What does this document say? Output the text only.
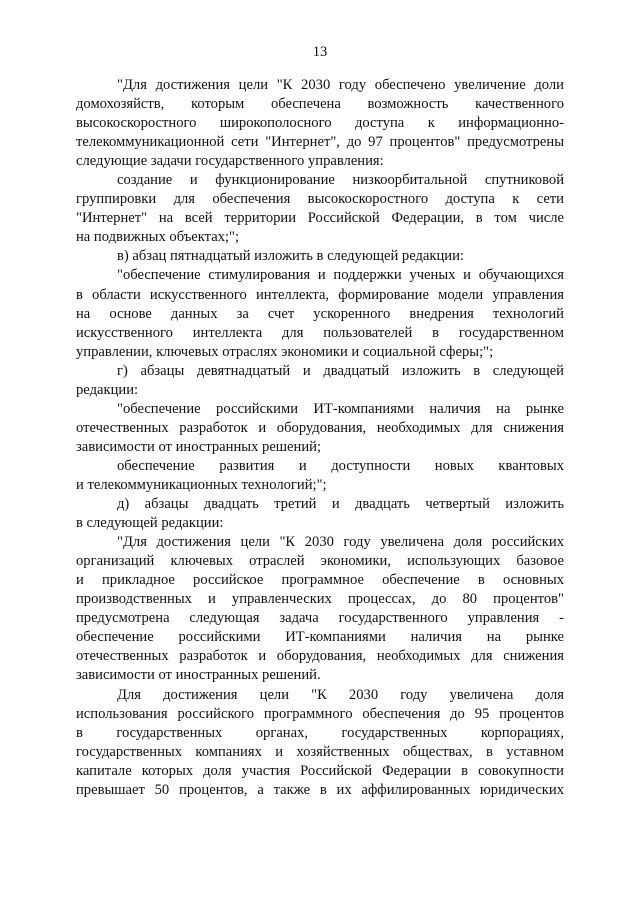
13
"Для достижения цели "К 2030 году обеспечено увеличение доли
домохозяйств, которым обеспечена возможность качественного
высокоскоростного широкополосного доступа к информационно-
телекоммуникационной сети "Интернет", до 97 процентов" предусмотрены
следующие задачи государственного управления:
создание и функционирование низкоорбитальной спутниковой
группировки для обеспечения высокоскоростного доступа к сети
"Интернет" на всей территории Российской Федерации, в том числе
на подвижных объектах;";
в) абзац пятнадцатый изложить в следующей редакции:
"обеспечение стимулирования и поддержки ученых и обучающихся
в области искусственного интеллекта, формирование модели управления
на основе данных за счет ускоренного внедрения технологий
искусственного интеллекта для пользователей в государственном
управлении, ключевых отраслях экономики и социальной сферы;";
г) абзацы девятнадцатый и двадцатый изложить в следующей
редакции:
"обеспечение российскими ИТ-компаниями наличия на рынке
отечественных разработок и оборудования, необходимых для снижения
зависимости от иностранных решений;
обеспечение развития и доступности новых квантовых
и телекоммуникационных технологий;";
д) абзацы двадцать третий и двадцать четвертый изложить
в следующей редакции:
"Для достижения цели "К 2030 году увеличена доля российских
организаций ключевых отраслей экономики, использующих базовое
и прикладное российское программное обеспечение в основных
производственных и управленческих процессах, до 80 процентов"
предусмотрена следующая задача государственного управления -
обеспечение российскими ИТ-компаниями наличия на рынке
отечественных разработок и оборудования, необходимых для снижения
зависимости от иностранных решений.
Для достижения цели "К 2030 году увеличена доля
использования российского программного обеспечения до 95 процентов
в государственных органах, государственных корпорациях,
государственных компаниях и хозяйственных обществах, в уставном
капитале которых доля участия Российской Федерации в совокупности
превышает 50 процентов, а также в их аффилированных юридических
